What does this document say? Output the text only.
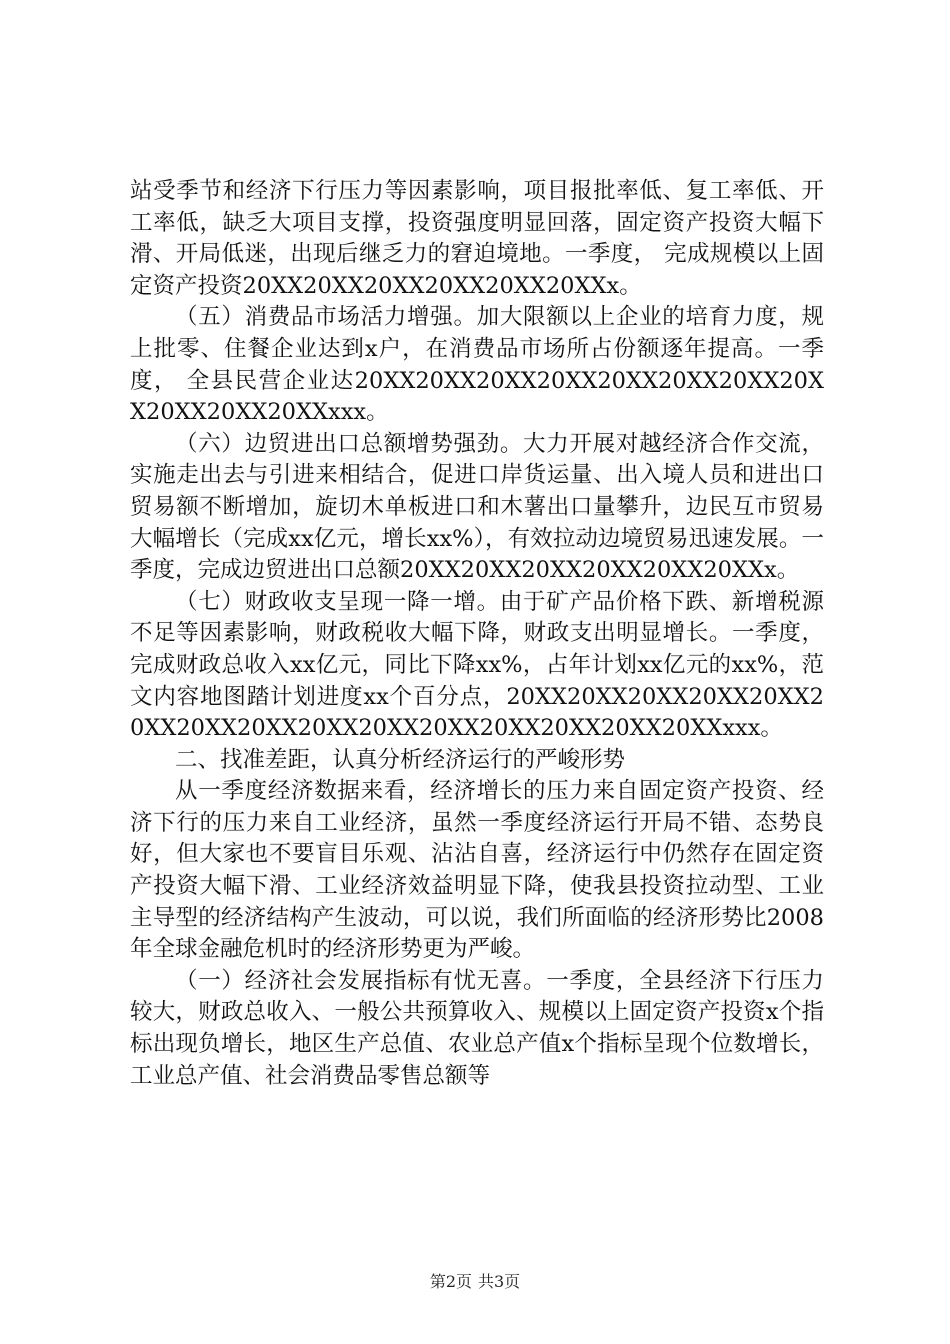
站受季节和经济下行压力等因素影响，项目报批率低、复工率低、开工率低，缺乏大项目支撑，投资强度明显回落，固定资产投资大幅下滑、开局低迷，出现后继乏力的窘迫境地。一季度， 完成规模以上固定资产投资20XX20XX20XX20XX20XX20XXx。

（五）消费品市场活力增强。加大限额以上企业的培育力度，规上批零、住餐企业达到x户，在消费品市场所占份额逐年提高。一季度， 全县民营企业达20XX20XX20XX20XX20XX20XX20XX20XX20XX20XX20XXxxx。

（六）边贸进出口总额增势强劲。大力开展对越经济合作交流，实施走出去与引进来相结合，促进口岸货运量、出入境人员和进出口贸易额不断增加，旋切木单板进口和木薯出口量攀升，边民互市贸易大幅增长（完成xx亿元，增长xx%），有效拉动边境贸易迅速发展。一季度，完成边贸进出口总额20XX20XX20XX20XX20XX20XXx。

（七）财政收支呈现一降一增。由于矿产品价格下跌、新增税源不足等因素影响，财政税收大幅下降，财政支出明显增长。一季度，完成财政总收入xx亿元，同比下降xx%，占年计划xx亿元的xx%，范文内容地图踏计划进度xx个百分点，20XX20XX20XX20XX20XX20XX20XX20XX20XX20XX20XX20XX20XX20XX20XXxxx。

二、找准差距，认真分析经济运行的严峻形势

从一季度经济数据来看，经济增长的压力来自固定资产投资、经济下行的压力来自工业经济，虽然一季度经济运行开局不错、态势良好，但大家也不要盲目乐观、沾沾自喜，经济运行中仍然存在固定资产投资大幅下滑、工业经济效益明显下降，使我县投资拉动型、工业主导型的经济结构产生波动，可以说，我们所面临的经济形势比2008年全球金融危机时的经济形势更为严峻。

（一）经济社会发展指标有忧无喜。一季度，全县经济下行压力较大，财政总收入、一般公共预算收入、规模以上固定资产投资x个指标出现负增长，地区生产总值、农业总产值x个指标呈现个位数增长，工业总产值、社会消费品零售总额等

第2页 共3页
